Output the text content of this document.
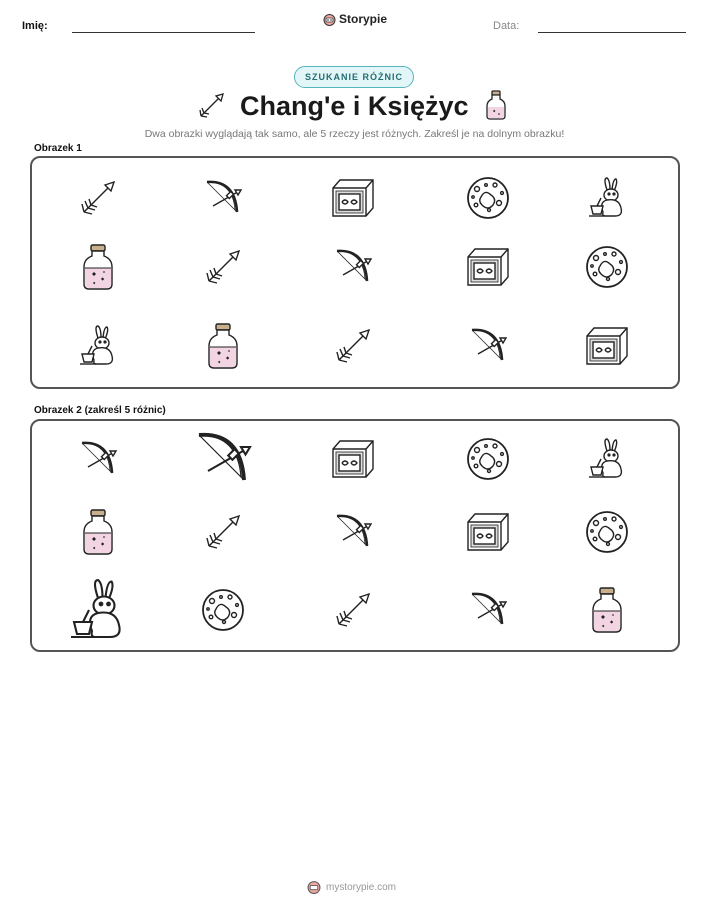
Imię:	Storypie	Data:
SZUKANIE RÓŻNIC
Chang'e i Księżyc
Dwa obrazki wyglądają tak samo, ale 5 rzeczy jest różnych. Zakreśl je na dolnym obrazku!
Obrazek 1
Obrazek 2 (zakreśl 5 różnic)
mystorypie.com
